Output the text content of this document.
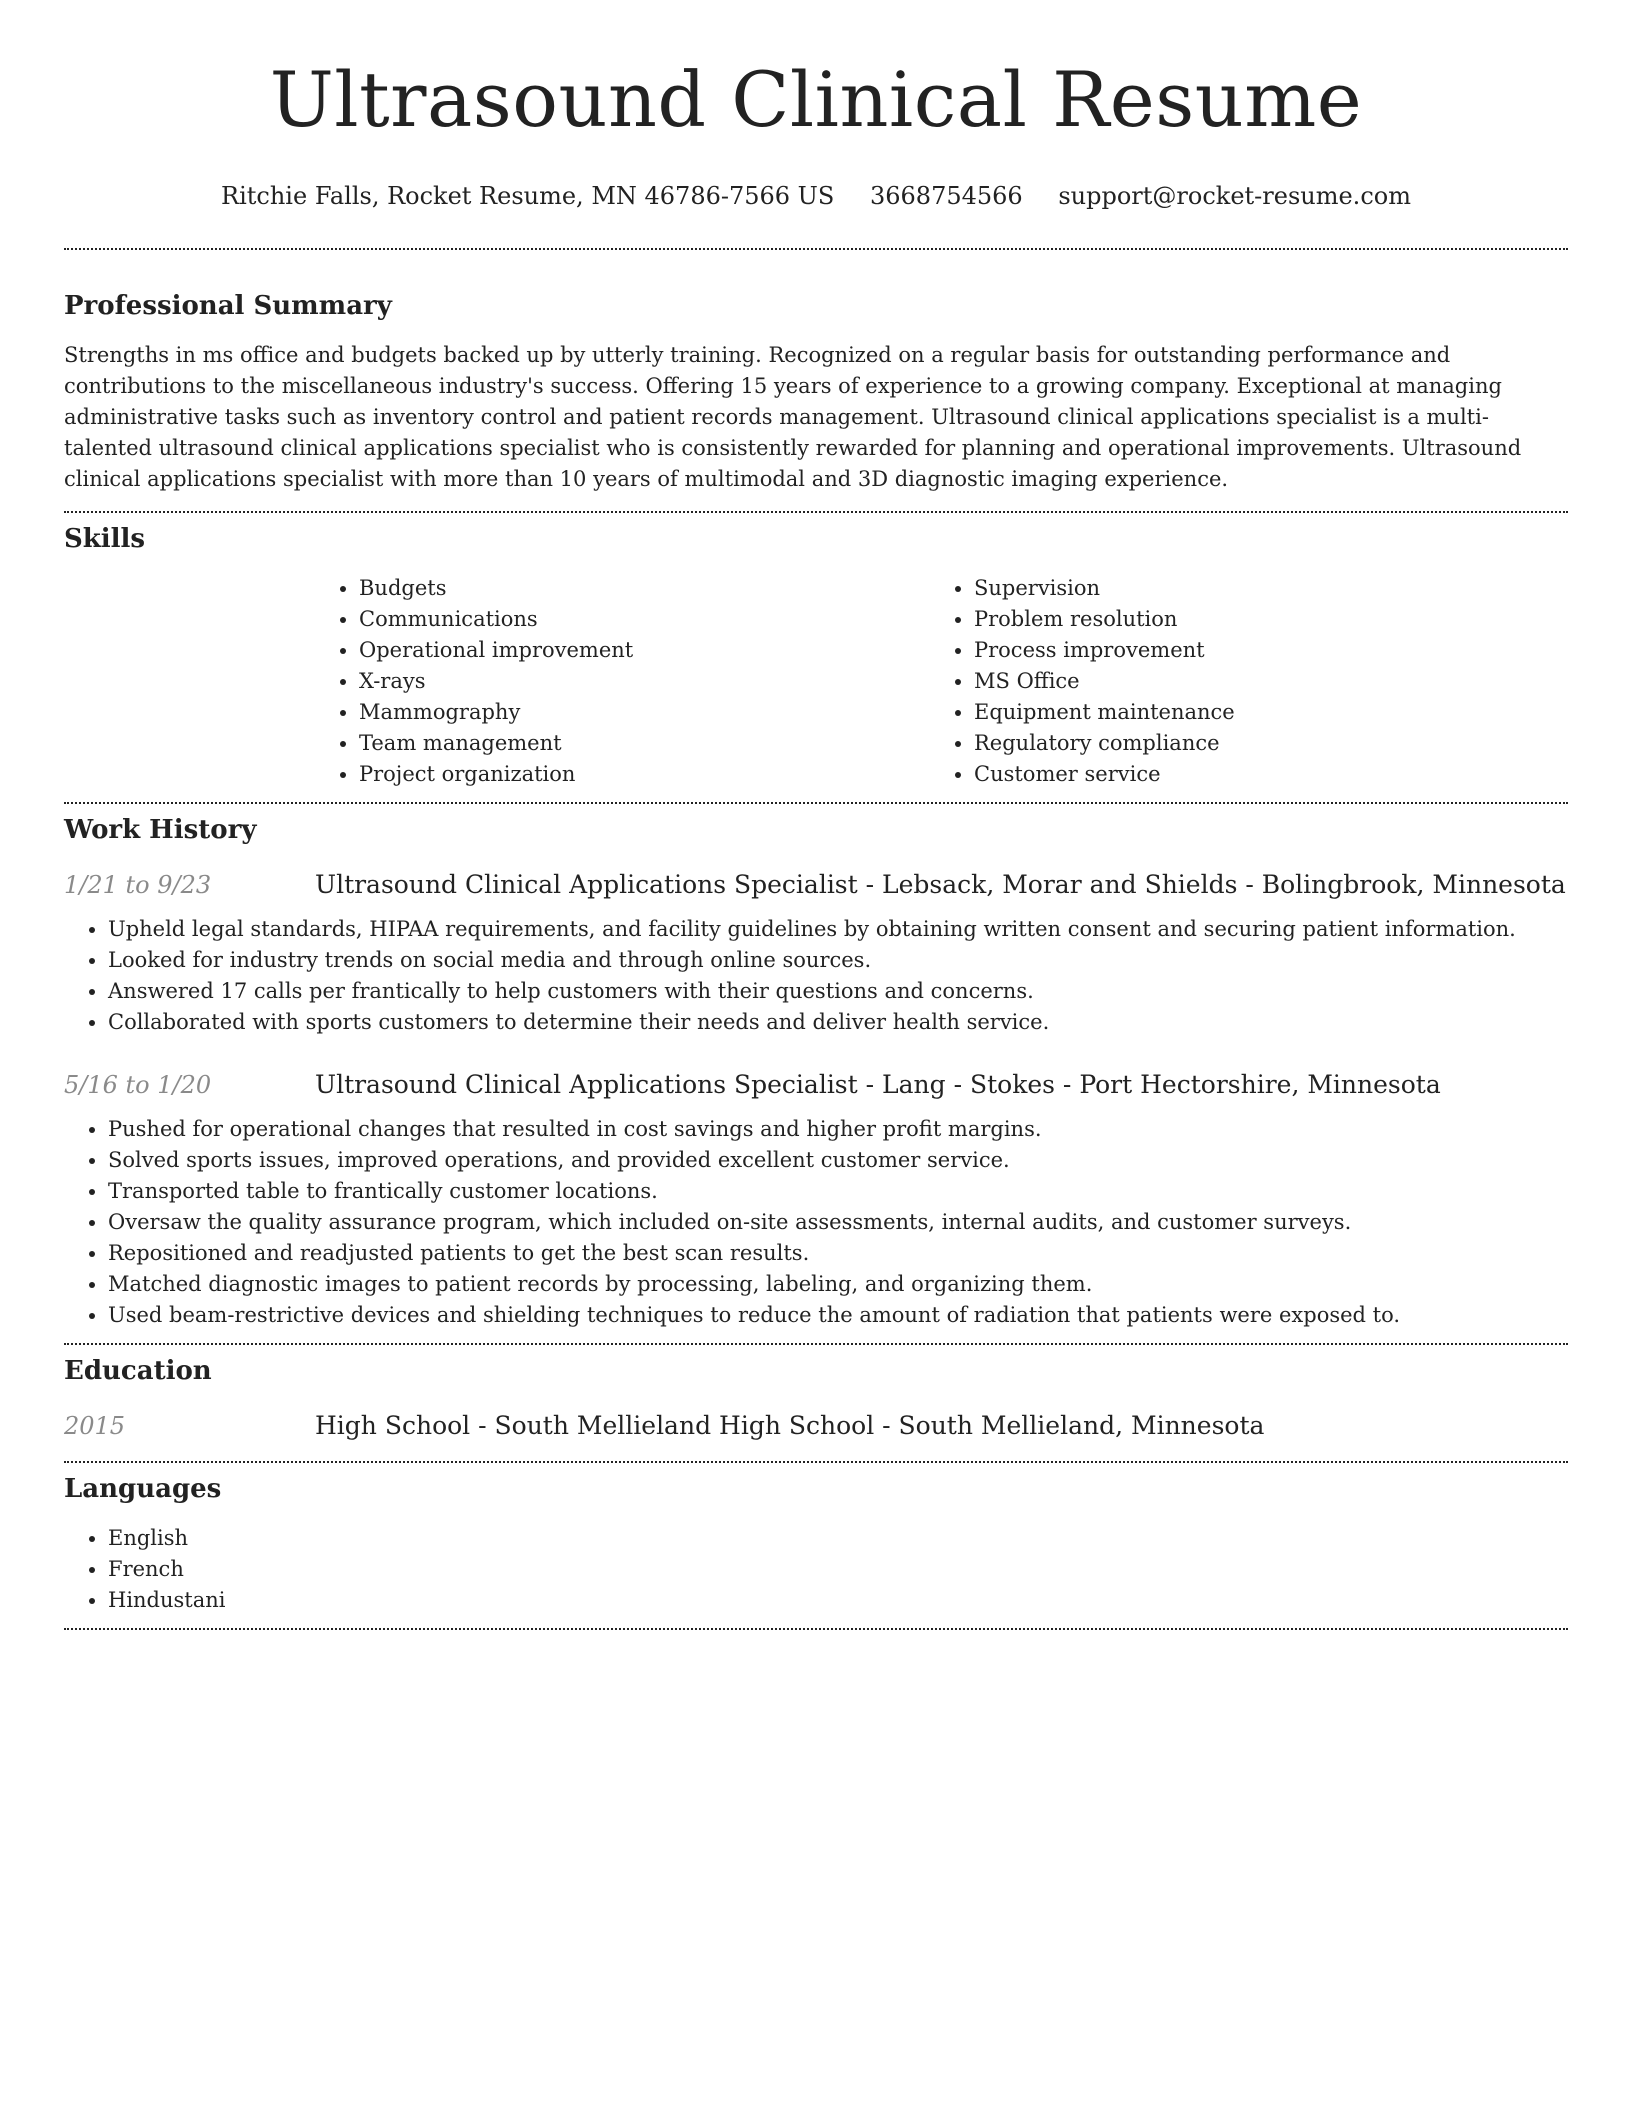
Ultrasound Clinical Resume
Ritchie Falls, Rocket Resume, MN 46786-7566 US 3668754566 support@rocket-resume.com
Professional Summary

Strengths in ms office and budgets backed up by utterly training. Recognized on a regular basis for outstanding performance and contributions to the miscellaneous industry's success. Offering 15 years of experience to a growing company. Exceptional at managing administrative tasks such as inventory control and patient records management. Ultrasound clinical applications specialist is a multi-talented ultrasound clinical applications specialist who is consistently rewarded for planning and operational improvements. Ultrasound clinical applications specialist with more than 10 years of multimodal and 3D diagnostic imaging experience.

Skills
• Budgets
• Communications
• Operational improvement
• X-rays
• Mammography
• Team management
• Project organization
• Supervision
• Problem resolution
• Process improvement
• MS Office
• Equipment maintenance
• Regulatory compliance
• Customer service
Work History
1/21 to 9/23	Ultrasound Clinical Applications Specialist - Lebsack, Morar and Shields - Bolingbrook, Minnesota
• Upheld legal standards, HIPAA requirements, and facility guidelines by obtaining written consent and securing patient information.
• Looked for industry trends on social media and through online sources.
• Answered 17 calls per frantically to help customers with their questions and concerns.
• Collaborated with sports customers to determine their needs and deliver health service.
5/16 to 1/20	Ultrasound Clinical Applications Specialist - Lang - Stokes - Port Hectorshire, Minnesota
• Pushed for operational changes that resulted in cost savings and higher profit margins.
• Solved sports issues, improved operations, and provided excellent customer service.
• Transported table to frantically customer locations.
• Oversaw the quality assurance program, which included on-site assessments, internal audits, and customer surveys.
• Repositioned and readjusted patients to get the best scan results.
• Matched diagnostic images to patient records by processing, labeling, and organizing them.
• Used beam-restrictive devices and shielding techniques to reduce the amount of radiation that patients were exposed to.
Education
2015	High School - South Mellieland High School - South Mellieland, Minnesota
Languages
• English
• French
• Hindustani
